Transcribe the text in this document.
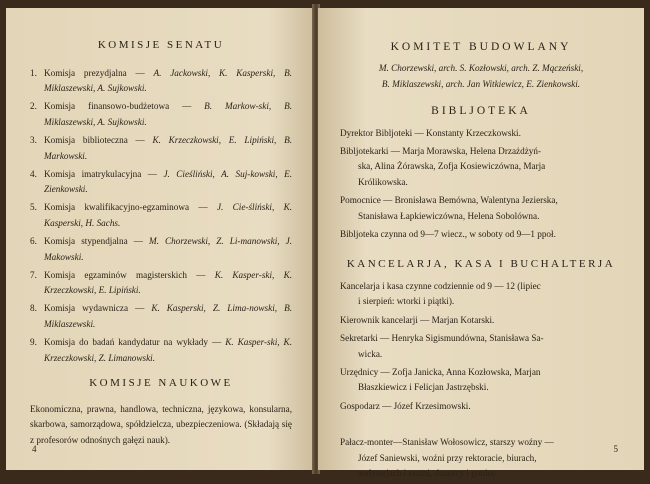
KOMISJE SENATU
1. Komisja prezydjalna — A. Jackowski, K. Kasperski, B. Miklaszewski, A. Sujkowski.
2. Komisja finansowo-budżetowa — B. Markow-ski, B. Miklaszewski, A. Sujkowski.
3. Komisja biblioteczna — K. Krzeczkowski, E. Lipiński, B. Markowski.
4. Komisja imatrykulacyjna — J. Cieśliński, A. Suj-kowski, E. Zienkowski.
5. Komisja kwalifikacyjno-egzaminowa — J. Cie-śliński, K. Kasperski, H. Sachs.
6. Komisja stypendjalna — M. Chorzewski, Z. Li-manowski, J. Makowski.
7. Komisja egzaminów magisterskich — K. Kasper-ski, K. Krzeczkowski, E. Lipiński.
8. Komisja wydawnicza — K. Kasperski, Z. Lima-nowski, B. Miklaszewski.
9. Komisja do badań kandydatur na wykłady — K. Kasper-ski, K. Krzeczkowski, Z. Limanowski.
KOMISJE NAUKOWE
Ekonomiczna, prawna, handlowa, techniczna, językowa, konsularna, skarbowa, samorządowa, spółdzielcza, ubezpieczeniowa. (Składają się z profesorów odnośnych gałęzi nauk).
4
KOMITET BUDOWLANY
M. Chorzewski, arch. S. Kozłowski, arch. Z. Mączeński,
B. Miklaszewski, arch. Jan Witkiewicz, E. Zienkowski.
BIBLJOTEKA
Dyrektor Bibljoteki — Konstanty Krzeczkowski.
Bibljotekarki — Marja Morawska, Helena Drzażdżyń-
ska, Alina Żórawska, Zofja Kosiewiczówna, Marja
Królikowska.
Pomocnice — Bronisława Bemówna, Walentyna Jezierska,
Stanisława Łapkiewiczówna, Helena Sobolówna.
Bibljoteka czynna od 9—7 wiecz., w soboty od 9—1 ppoł.
KANCELARJA, KASA I BUCHALTERJA
Kancelarja i kasa czynne codziennie od 9 — 12 (lipiec
i sierpień: wtorki i piątki).
Kierownik kancelarji — Marjan Kotarski.
Sekretarki — Henryka Sigismundówna, Stanisława Sa-
wicka.
Urzędnicy — Zofja Janicka, Anna Kozłowska, Marjan
Błaszkiewicz i Felicjan Jastrzębski.
Gospodarz — Józef Krzesimowski.
Pałacz-monter—Stanisław Wołosowicz, starszy woźny —
Józef Saniewski, woźni przy rektoracie, biurach,
audytorjach i szatni, dozorcy i goniec.
5
